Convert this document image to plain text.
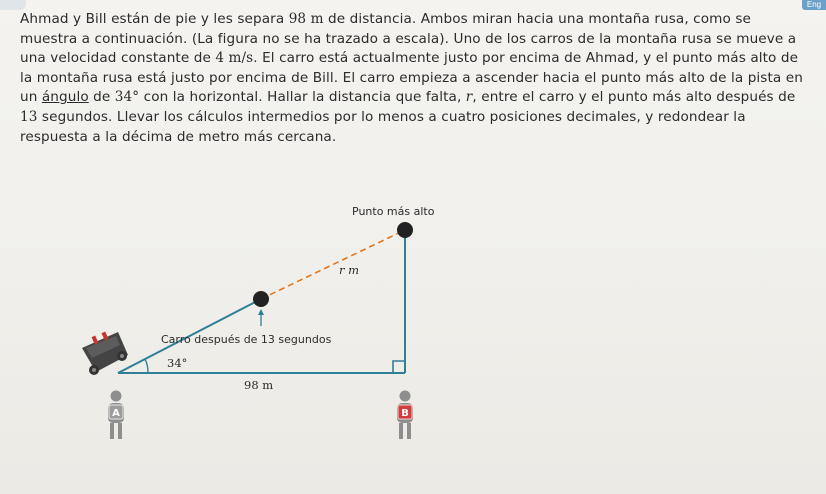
Eng
Ahmad y Bill están de pie y les separa 98 m de distancia. Ambos miran hacia una montaña rusa, como se muestra a continuación. (La figura no se ha trazado a escala). Uno de los carros de la montaña rusa se mueve a una velocidad constante de 4 m/s. El carro está actualmente justo por encima de Ahmad, y el punto más alto de la montaña rusa está justo por encima de Bill. El carro empieza a ascender hacia el punto más alto de la pista en un ángulo de 34° con la horizontal. Hallar la distancia que falta, r, entre el carro y el punto más alto después de 13 segundos. Llevar los cálculos intermedios por lo menos a cuatro posiciones decimales, y redondear la respuesta a la décima de metro más cercana.
Punto más alto
r m
Carro después de 13 segundos
34°
98 m
A	B
